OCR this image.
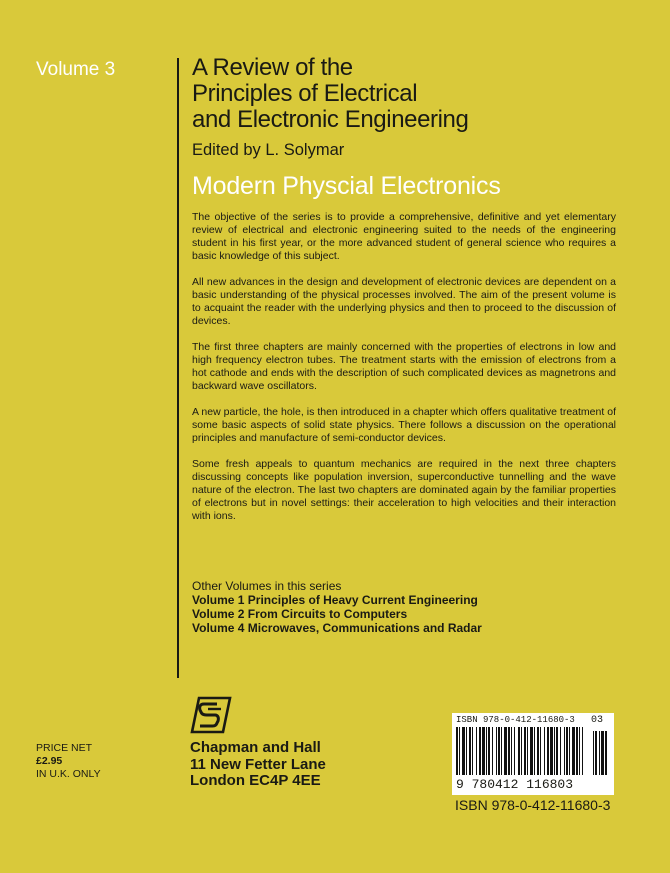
Volume 3	A Review of the
Principles of Electrical
and Electronic Engineering
Edited by L. Solymar
Modern Physcial Electronics

The objective of the series is to provide a comprehensive, definitive and yet elementary review of electrical and electronic engineering suited to the needs of the engineering student in his first year, or the more advanced student of general science who requires a basic knowledge of this subject.

All new advances in the design and development of electronic devices are dependent on a basic understanding of the physical processes involved. The aim of the present volume is to acquaint the reader with the underlying physics and then to proceed to the discussion of devices.

The first three chapters are mainly concerned with the properties of electrons in low and high frequency electron tubes. The treatment starts with the emission of electrons from a hot cathode and ends with the description of such complicated devices as magnetrons and backward wave oscillators.

A new particle, the hole, is then introduced in a chapter which offers qualitative treatment of some basic aspects of solid state physics. There follows a discussion on the operational principles and manufacture of semi-conductor devices.

Some fresh appeals to quantum mechanics are required in the next three chapters discussing concepts like population inversion, superconductive tunnelling and the wave nature of the electron. The last two chapters are dominated again by the familiar properties of electrons but in novel settings: their acceleration to high velocities and their interaction with ions.

Other Volumes in this series
Volume 1 Principles of Heavy Current Engineering
Volume 2 From Circuits to Computers
Volume 4 Microwaves, Communications and Radar
Chapman and Hall
11 New Fetter Lane
London EC4P 4EE
PRICE NET
£2.95
IN U.K. ONLY
ISBN 978-0-412-11680-3 03
9 780412 116803
ISBN 978-0-412-11680-3
